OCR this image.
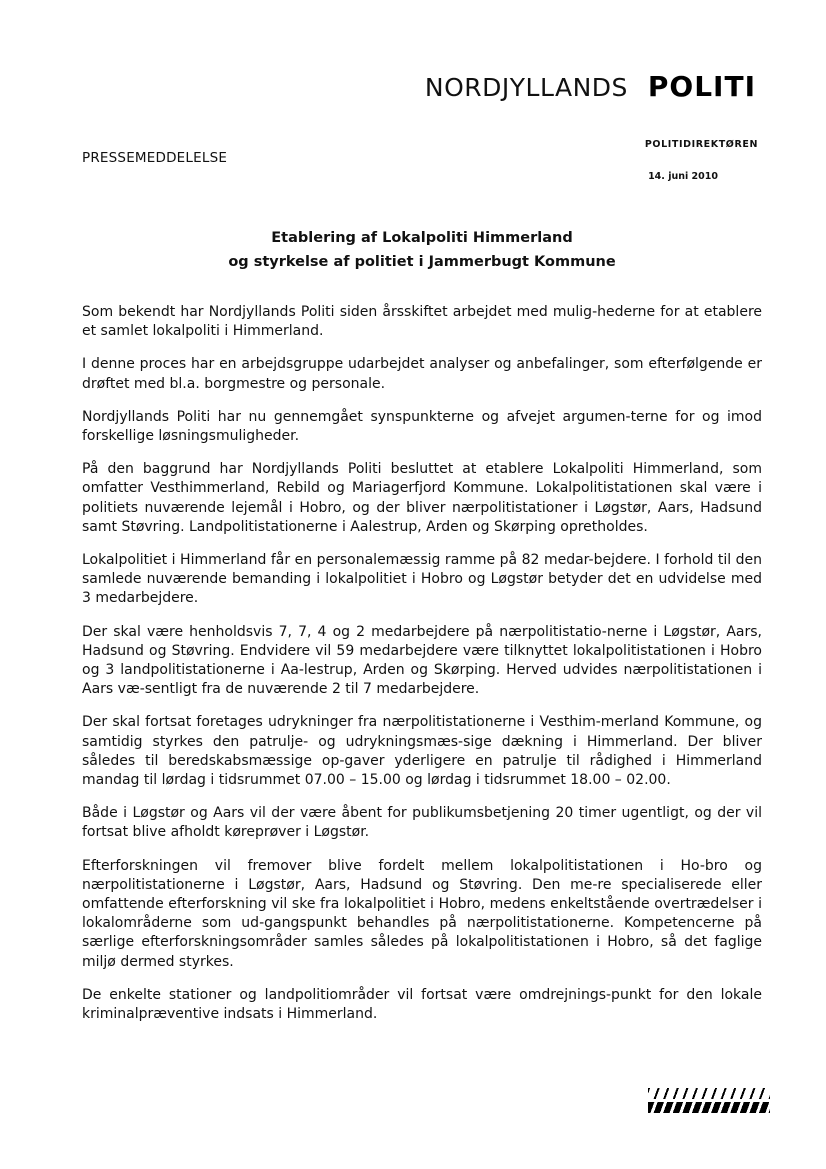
NORDJYLLANDS POLITI
POLITIDIREKTØREN
14. juni 2010
PRESSEMEDDELELSE
Etablering af Lokalpoliti Himmerland
og styrkelse af politiet i Jammerbugt Kommune

Som bekendt har Nordjyllands Politi siden årsskiftet arbejdet med mulig-hederne for at etablere et samlet lokalpoliti i Himmerland.

I denne proces har en arbejdsgruppe udarbejdet analyser og anbefalinger, som efterfølgende er drøftet med bl.a. borgmestre og personale.

Nordjyllands Politi har nu gennemgået synspunkterne og afvejet argumen-terne for og imod forskellige løsningsmuligheder.

På den baggrund har Nordjyllands Politi besluttet at etablere Lokalpoliti Himmerland, som omfatter Vesthimmerland, Rebild og Mariagerfjord Kommune. Lokalpolitistationen skal være i politiets nuværende lejemål i Hobro, og der bliver nærpolitistationer i Løgstør, Aars, Hadsund samt Støvring. Landpolitistationerne i Aalestrup, Arden og Skørping opretholdes.

Lokalpolitiet i Himmerland får en personalemæssig ramme på 82 medar-bejdere. I forhold til den samlede nuværende bemanding i lokalpolitiet i Hobro og Løgstør betyder det en udvidelse med 3 medarbejdere.

Der skal være henholdsvis 7, 7, 4 og 2 medarbejdere på nærpolitistatio-nerne i Løgstør, Aars, Hadsund og Støvring. Endvidere vil 59 medarbejdere være tilknyttet lokalpolitistationen i Hobro og 3 landpolitistationerne i Aa-lestrup, Arden og Skørping. Herved udvides nærpolitistationen i Aars væ-sentligt fra de nuværende 2 til 7 medarbejdere.

Der skal fortsat foretages udrykninger fra nærpolitistationerne i Vesthim-merland Kommune, og samtidig styrkes den patrulje- og udrykningsmæs-sige dækning i Himmerland. Der bliver således til beredskabsmæssige op-gaver yderligere en patrulje til rådighed i Himmerland mandag til lørdag i tidsrummet 07.00 – 15.00 og lørdag i tidsrummet 18.00 – 02.00.

Både i Løgstør og Aars vil der være åbent for publikumsbetjening 20 timer ugentligt, og der vil fortsat blive afholdt køreprøver i Løgstør.

Efterforskningen vil fremover blive fordelt mellem lokalpolitistationen i Ho-bro og nærpolitistationerne i Løgstør, Aars, Hadsund og Støvring. Den me-re specialiserede eller omfattende efterforskning vil ske fra lokalpolitiet i Hobro, medens enkeltstående overtrædelser i lokalområderne som ud-gangspunkt behandles på nærpolitistationerne. Kompetencerne på særlige efterforskningsområder samles således på lokalpolitistationen i Hobro, så det faglige miljø dermed styrkes.

De enkelte stationer og landpolitiområder vil fortsat være omdrejnings-punkt for den lokale kriminalpræventive indsats i Himmerland.
